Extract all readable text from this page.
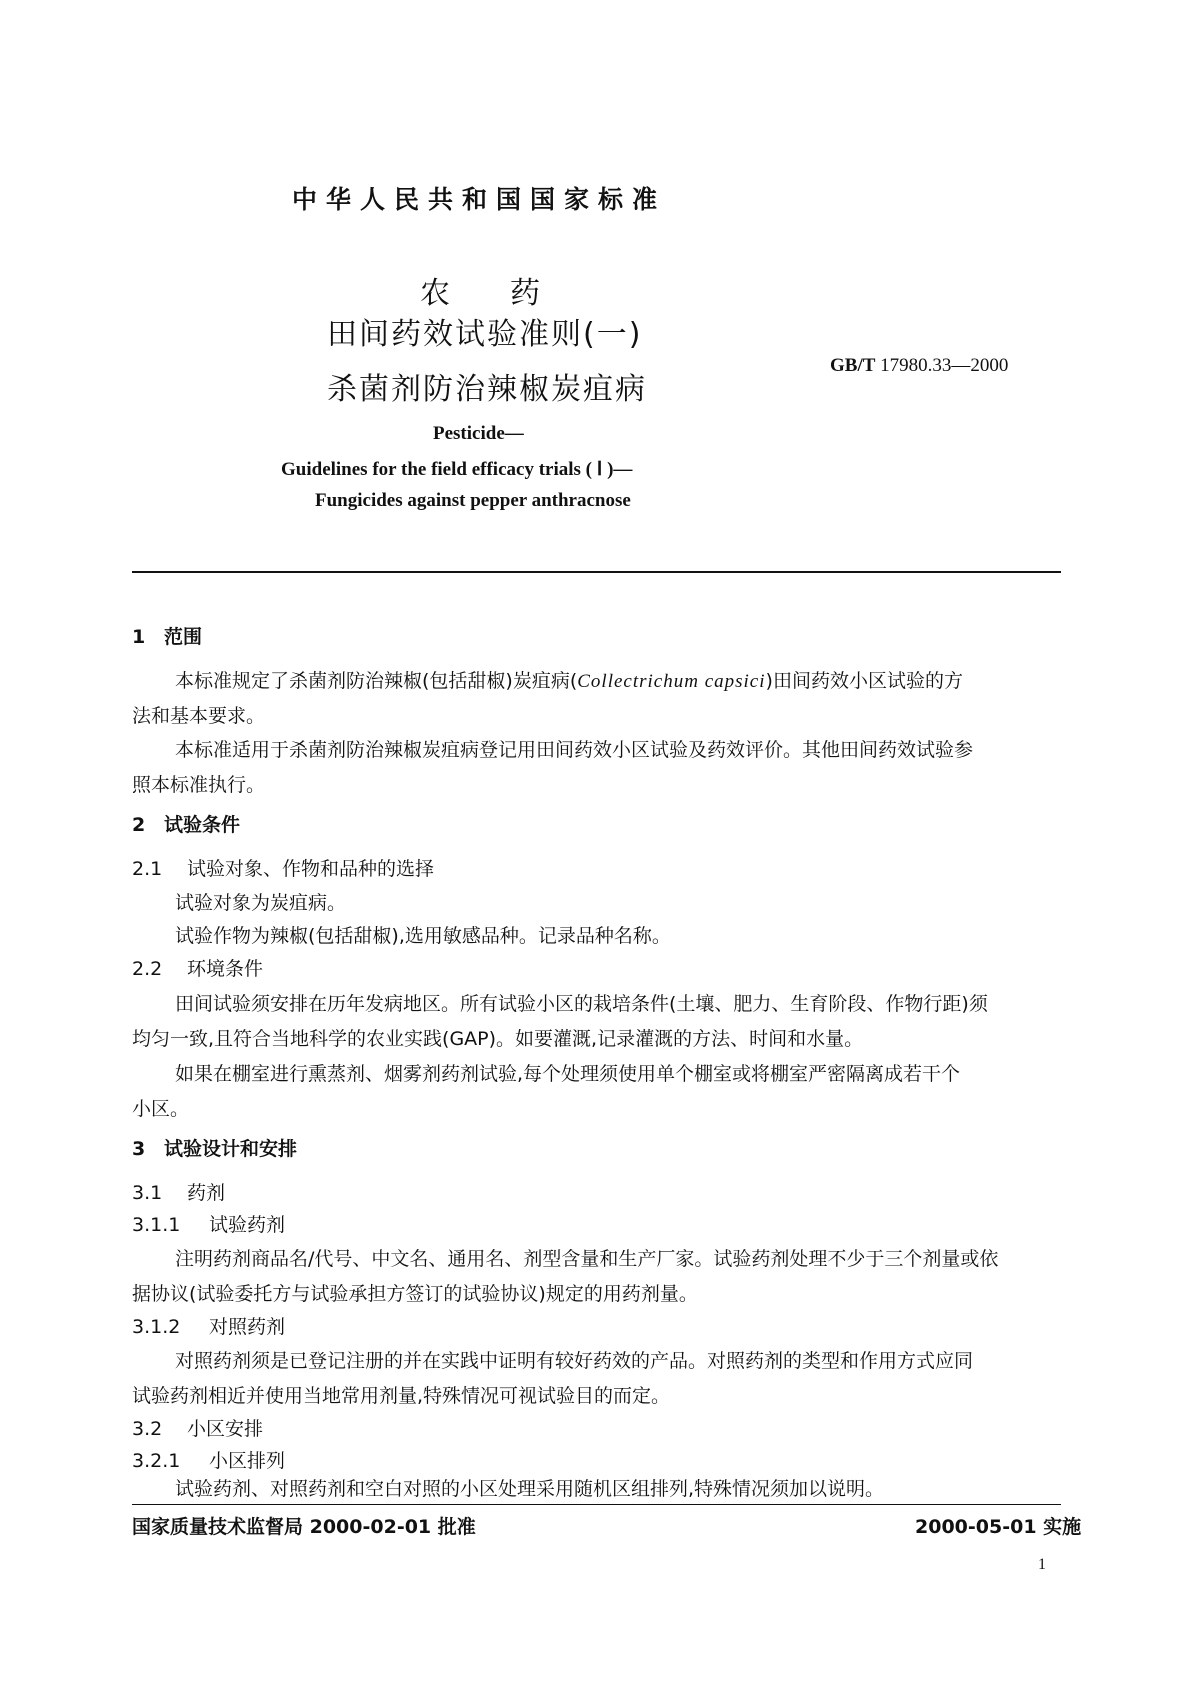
中华人民共和国国家标准
农药
田间药效试验准则(一)
杀菌剂防治辣椒炭疽病
GB/T 17980.33—2000
Pesticide—
Guidelines for the field efficacy trials ( Ⅰ )—
Fungicides against pepper anthracnose
1 范围
本标准规定了杀菌剂防治辣椒(包括甜椒)炭疽病(Collectrichum capsici)田间药效小区试验的方
法和基本要求。
本标准适用于杀菌剂防治辣椒炭疽病登记用田间药效小区试验及药效评价。其他田间药效试验参
照本标准执行。
2 试验条件
2.1 试验对象、作物和品种的选择
试验对象为炭疽病。
试验作物为辣椒(包括甜椒),选用敏感品种。记录品种名称。
2.2 环境条件
田间试验须安排在历年发病地区。所有试验小区的栽培条件(土壤、肥力、生育阶段、作物行距)须
均匀一致,且符合当地科学的农业实践(GAP)。如要灌溉,记录灌溉的方法、时间和水量。
如果在棚室进行熏蒸剂、烟雾剂药剂试验,每个处理须使用单个棚室或将棚室严密隔离成若干个
小区。
3 试验设计和安排
3.1 药剂
3.1.1 试验药剂
注明药剂商品名/代号、中文名、通用名、剂型含量和生产厂家。试验药剂处理不少于三个剂量或依
据协议(试验委托方与试验承担方签订的试验协议)规定的用药剂量。
3.1.2 对照药剂
对照药剂须是已登记注册的并在实践中证明有较好药效的产品。对照药剂的类型和作用方式应同
试验药剂相近并使用当地常用剂量,特殊情况可视试验目的而定。
3.2 小区安排
3.2.1 小区排列
试验药剂、对照药剂和空白对照的小区处理采用随机区组排列,特殊情况须加以说明。
国家质量技术监督局 2000-02-01 批准	2000-05-01 实施
1
